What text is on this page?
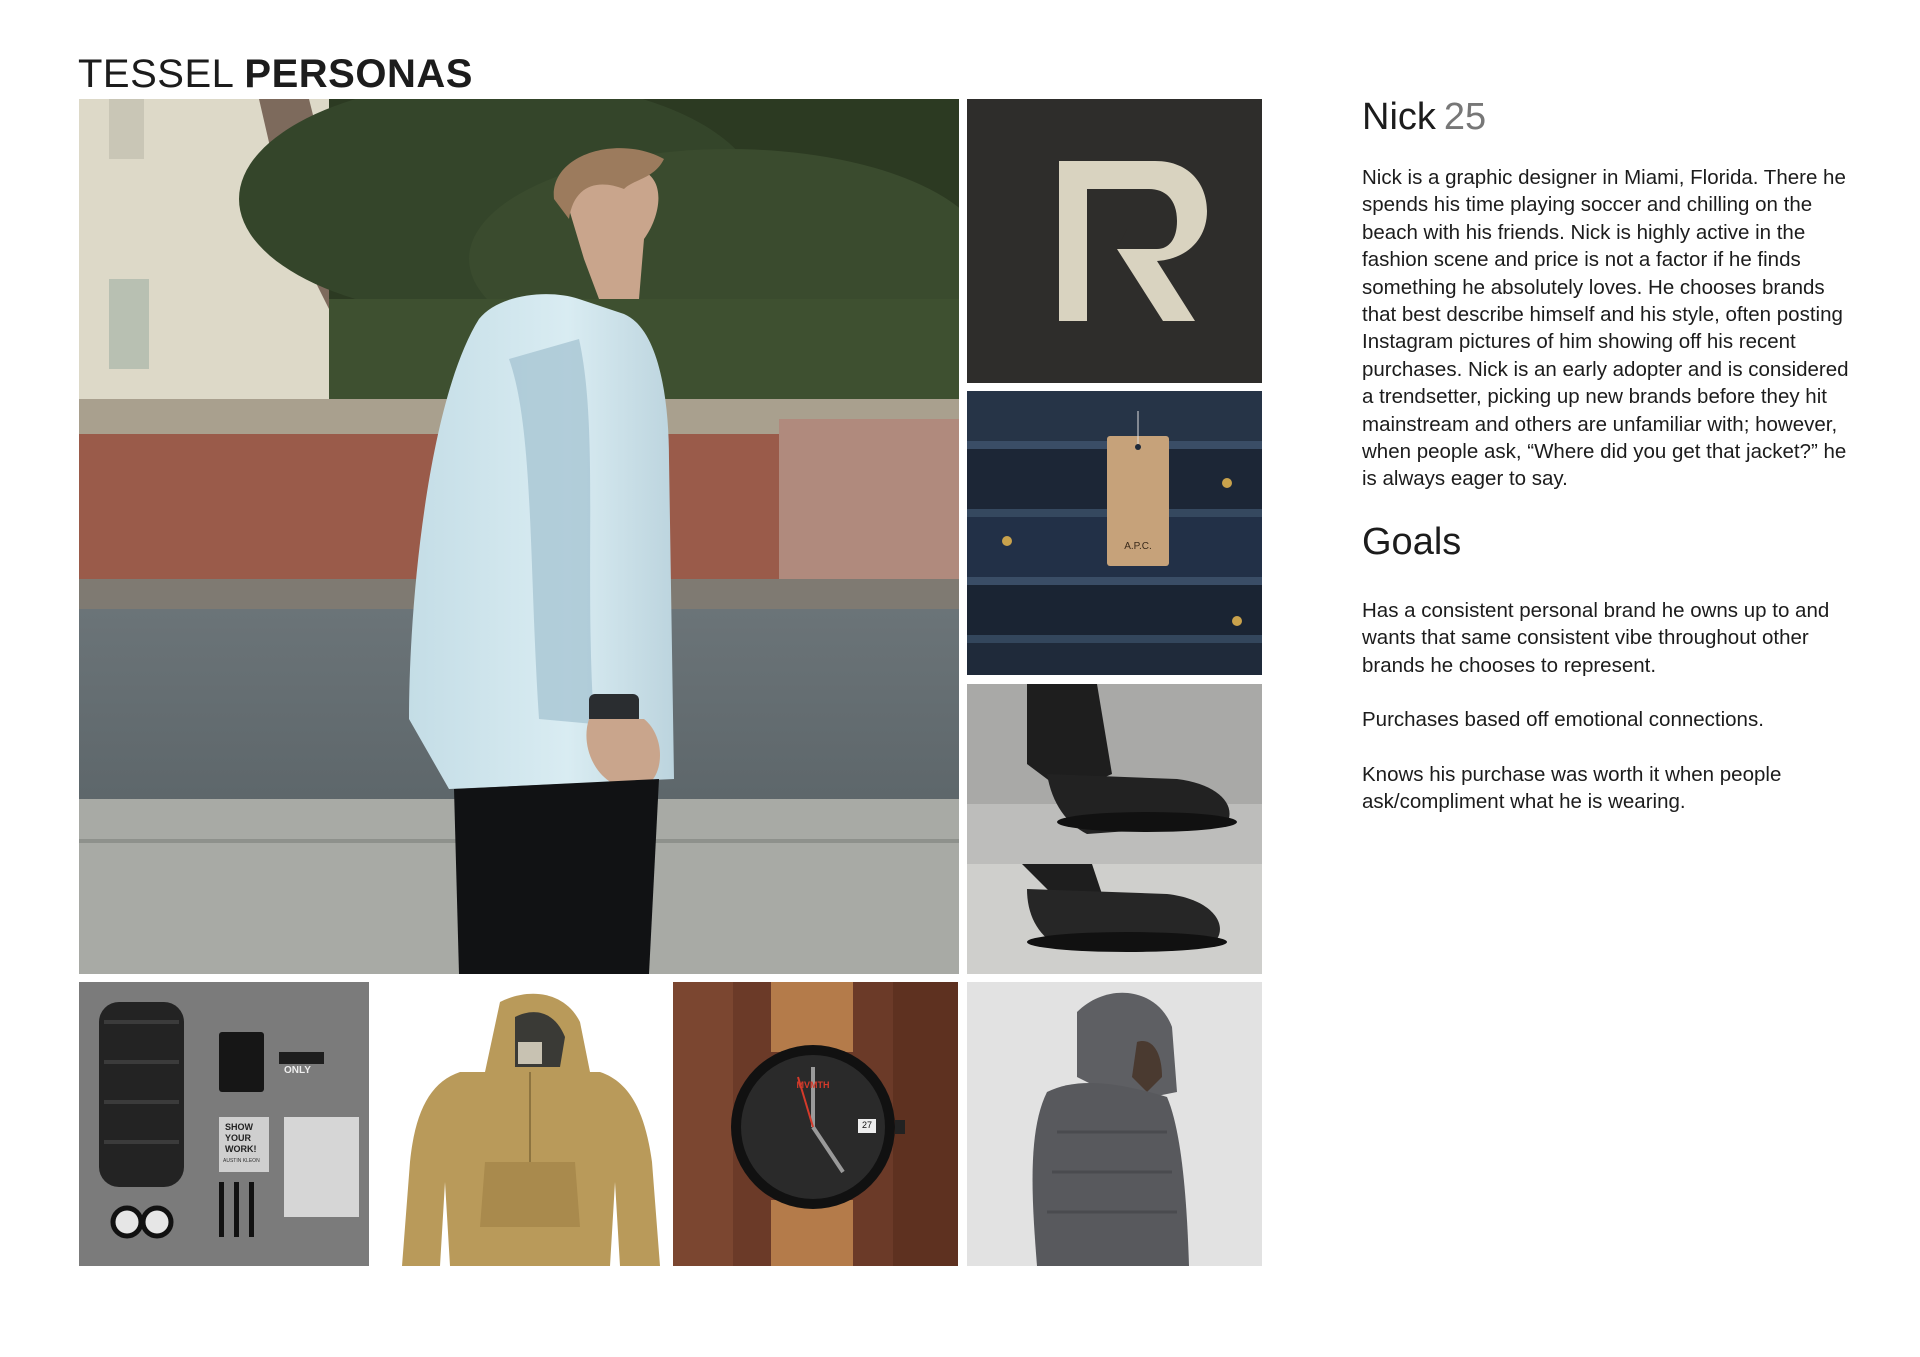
TESSEL PERSONAS
R
A.P.C.
ONLY
SHOW
YOUR
WORK!
AUSTIN KLEON
MVMTH
27
Nick 25

Nick is a graphic designer in Miami, Florida. There he spends his time playing soccer and chilling on the beach with his friends. Nick is highly active in the fashion scene and price is not a factor if he finds something he absolutely loves. He chooses brands that best describe himself and his style, often posting Instagram pictures of him showing off his recent purchases. Nick is an early adopter and is considered a trendsetter, picking up new brands before they hit mainstream and others are unfamiliar with; however, when people ask, “Where did you get that jacket?” he is always eager to say.

Goals

Has a consistent personal brand he owns up to and wants that same consistent vibe throughout other brands he chooses to represent.

Purchases based off emotional connections.

Knows his purchase was worth it when people ask/compliment what he is wearing.
